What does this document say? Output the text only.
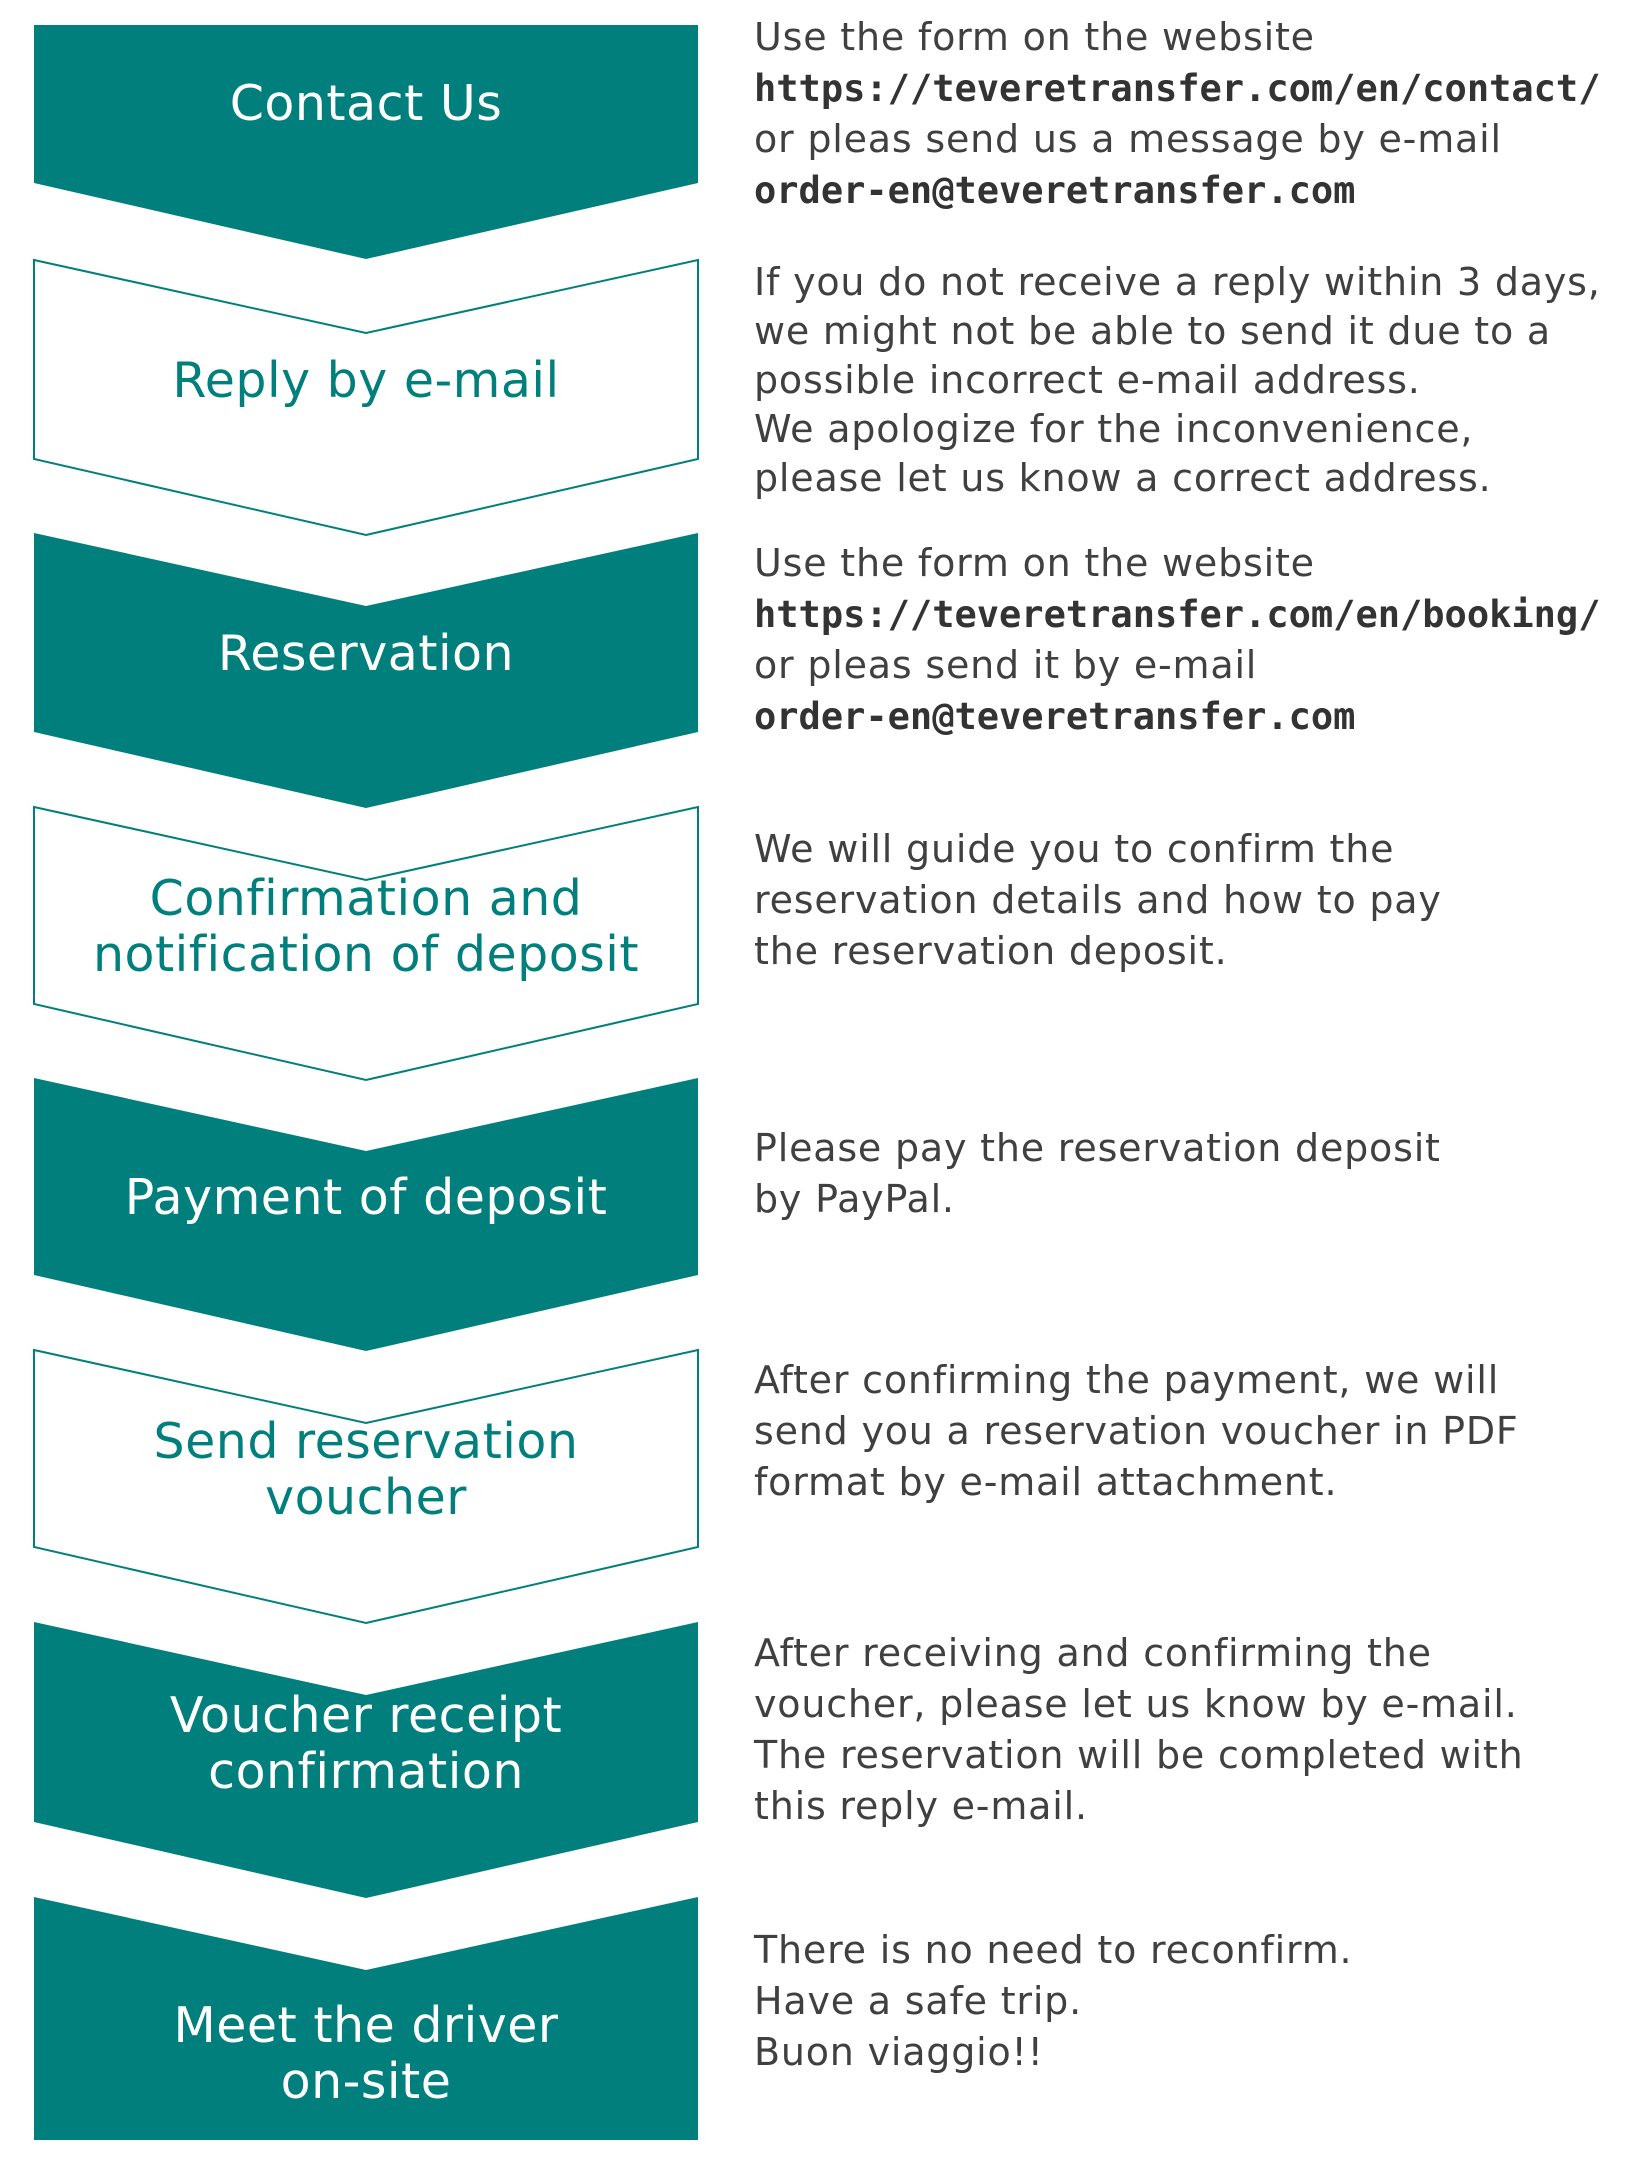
Contact Us
Reply by e-mail
Reservation
Confirmation and
notification of deposit
Payment of deposit
Send reservation
voucher
Voucher receipt
confirmation
Meet the driver
on-site
Use the form on the website
https://teveretransfer.com/en/contact/
or pleas send us a message by e-mail
order-en@teveretransfer.com
If you do not receive a reply within 3 days,
we might not be able to send it due to a
possible incorrect e-mail address.
We apologize for the inconvenience,
please let us know a correct address.
Use the form on the website
https://teveretransfer.com/en/booking/
or pleas send it by e-mail
order-en@teveretransfer.com
We will guide you to confirm the
reservation details and how to pay
the reservation deposit.
Please pay the reservation deposit
by PayPal.
After confirming the payment, we will
send you a reservation voucher in PDF
format by e-mail attachment.
After receiving and confirming the
voucher, please let us know by e-mail.
The reservation will be completed with
this reply e-mail.
There is no need to reconfirm.
Have a safe trip.
Buon viaggio!!
